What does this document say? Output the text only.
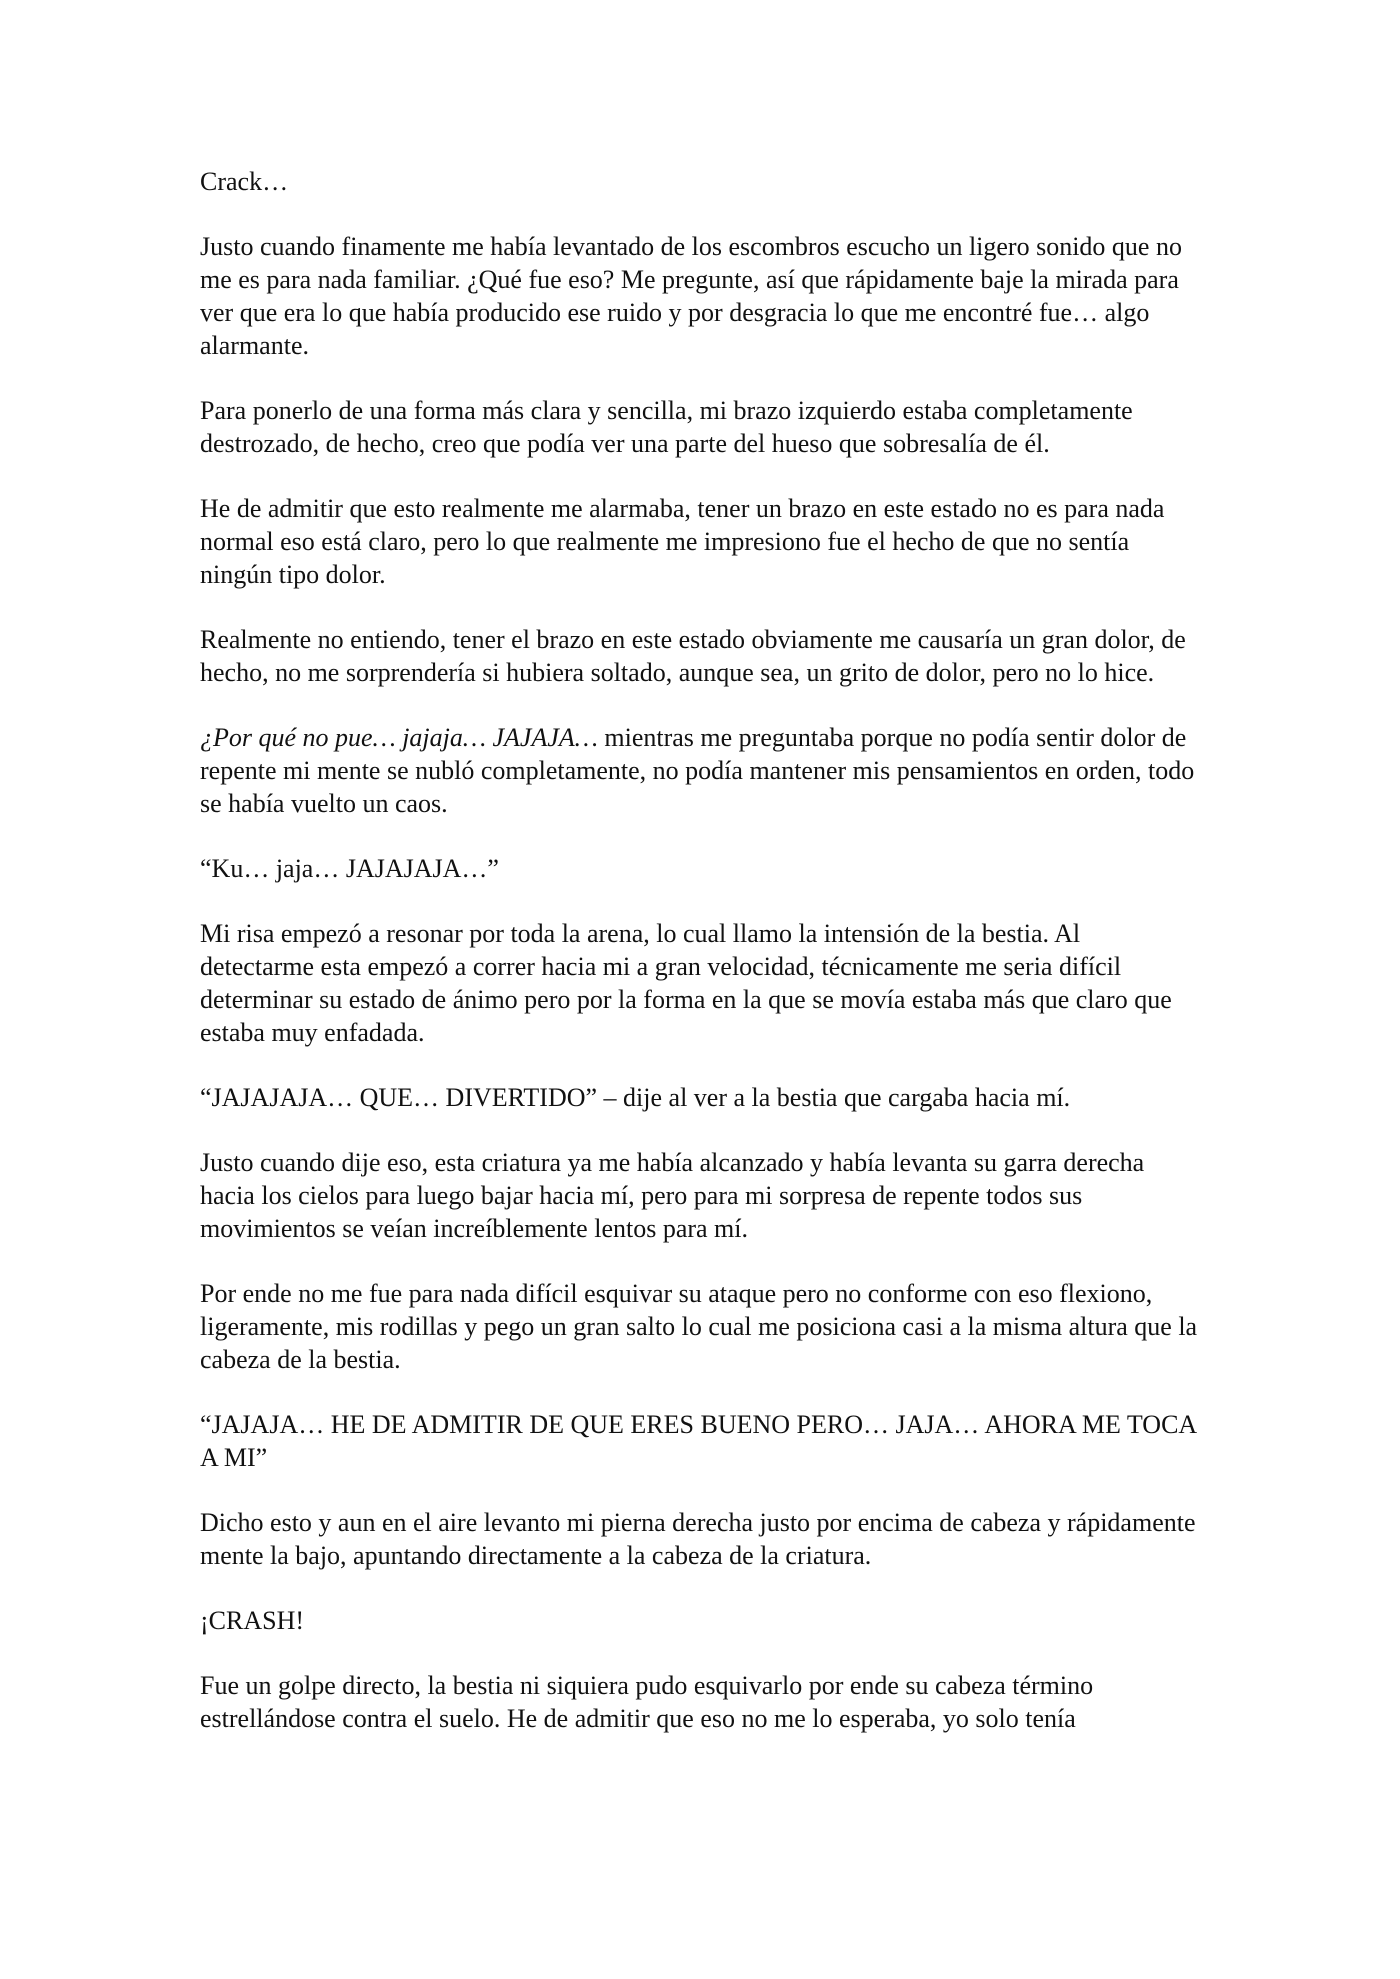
Crack…

Justo cuando finamente me había levantado de los escombros escucho un ligero sonido que no me es para nada familiar. ¿Qué fue eso? Me pregunte, así que rápidamente baje la mirada para ver que era lo que había producido ese ruido y por desgracia lo que me encontré fue… algo alarmante.

Para ponerlo de una forma más clara y sencilla, mi brazo izquierdo estaba completamente destrozado, de hecho, creo que podía ver una parte del hueso que sobresalía de él.

He de admitir que esto realmente me alarmaba, tener un brazo en este estado no es para nada normal eso está claro, pero lo que realmente me impresiono fue el hecho de que no sentía ningún tipo dolor.

Realmente no entiendo, tener el brazo en este estado obviamente me causaría un gran dolor, de hecho, no me sorprendería si hubiera soltado, aunque sea, un grito de dolor, pero no lo hice.

¿Por qué no pue… jajaja… JAJAJA… mientras me preguntaba porque no podía sentir dolor de repente mi mente se nubló completamente, no podía mantener mis pensamientos en orden, todo se había vuelto un caos.

“Ku… jaja… JAJAJAJA…”

Mi risa empezó a resonar por toda la arena, lo cual llamo la intensión de la bestia. Al detectarme esta empezó a correr hacia mi a gran velocidad, técnicamente me seria difícil determinar su estado de ánimo pero por la forma en la que se movía estaba más que claro que estaba muy enfadada.

“JAJAJAJA… QUE… DIVERTIDO” – dije al ver a la bestia que cargaba hacia mí.

Justo cuando dije eso, esta criatura ya me había alcanzado y había levanta su garra derecha hacia los cielos para luego bajar hacia mí, pero para mi sorpresa de repente todos sus movimientos se veían increíblemente lentos para mí.

Por ende no me fue para nada difícil esquivar su ataque pero no conforme con eso flexiono, ligeramente, mis rodillas y pego un gran salto lo cual me posiciona casi a la misma altura que la cabeza de la bestia.

“JAJAJA… HE DE ADMITIR DE QUE ERES BUENO PERO… JAJA… AHORA ME TOCA A MI”

Dicho esto y aun en el aire levanto mi pierna derecha justo por encima de cabeza y rápidamente mente la bajo, apuntando directamente a la cabeza de la criatura.

¡CRASH!

Fue un golpe directo, la bestia ni siquiera pudo esquivarlo por ende su cabeza término estrellándose contra el suelo. He de admitir que eso no me lo esperaba, yo solo tenía
